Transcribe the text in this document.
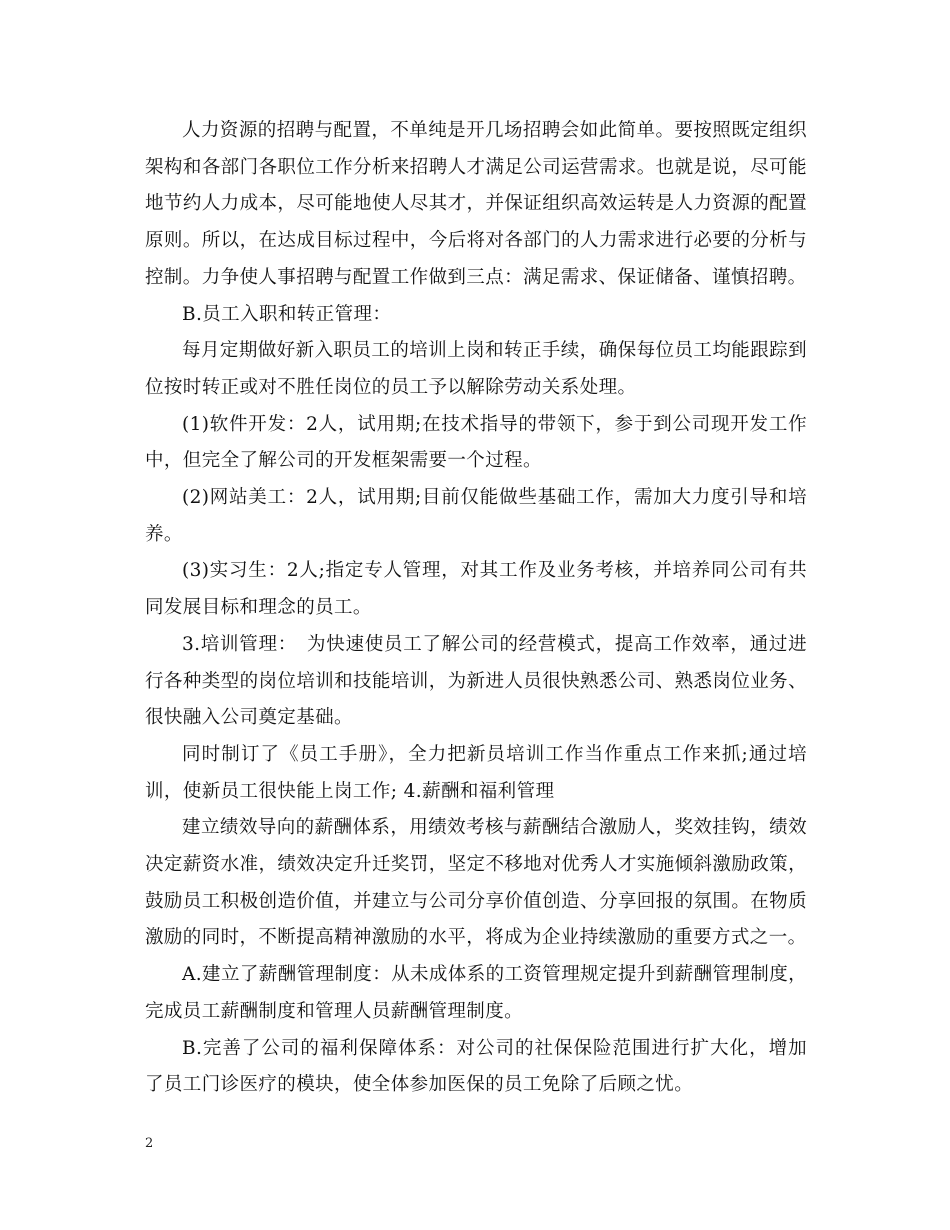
人力资源的招聘与配置，不单纯是开几场招聘会如此简单。要按照既定组织架构和各部门各职位工作分析来招聘人才满足公司运营需求。也就是说，尽可能地节约人力成本，尽可能地使人尽其才，并保证组织高效运转是人力资源的配置原则。所以，在达成目标过程中，今后将对各部门的人力需求进行必要的分析与控制。力争使人事招聘与配置工作做到三点：满足需求、保证储备、谨慎招聘。

B.员工入职和转正管理：

每月定期做好新入职员工的培训上岗和转正手续，确保每位员工均能跟踪到位按时转正或对不胜任岗位的员工予以解除劳动关系处理。

(1)软件开发：2人，试用期;在技术指导的带领下，参于到公司现开发工作中，但完全了解公司的开发框架需要一个过程。

(2)网站美工：2人，试用期;目前仅能做些基础工作，需加大力度引导和培养。

(3)实习生：2人;指定专人管理，对其工作及业务考核，并培养同公司有共同发展目标和理念的员工。

3.培训管理：　为快速使员工了解公司的经营模式，提高工作效率，通过进行各种类型的岗位培训和技能培训，为新进人员很快熟悉公司、熟悉岗位业务、很快融入公司奠定基础。

同时制订了《员工手册》，全力把新员培训工作当作重点工作来抓;通过培训，使新员工很快能上岗工作; 4.薪酬和福利管理

建立绩效导向的薪酬体系，用绩效考核与薪酬结合激励人，奖效挂钩，绩效决定薪资水准，绩效决定升迁奖罚，坚定不移地对优秀人才实施倾斜激励政策，鼓励员工积极创造价值，并建立与公司分享价值创造、分享回报的氛围。在物质激励的同时，不断提高精神激励的水平，将成为企业持续激励的重要方式之一。

A.建立了薪酬管理制度：从未成体系的工资管理规定提升到薪酬管理制度，完成员工薪酬制度和管理人员薪酬管理制度。

B.完善了公司的福利保障体系：对公司的社保保险范围进行扩大化，增加了员工门诊医疗的模块，使全体参加医保的员工免除了后顾之忧。

2
